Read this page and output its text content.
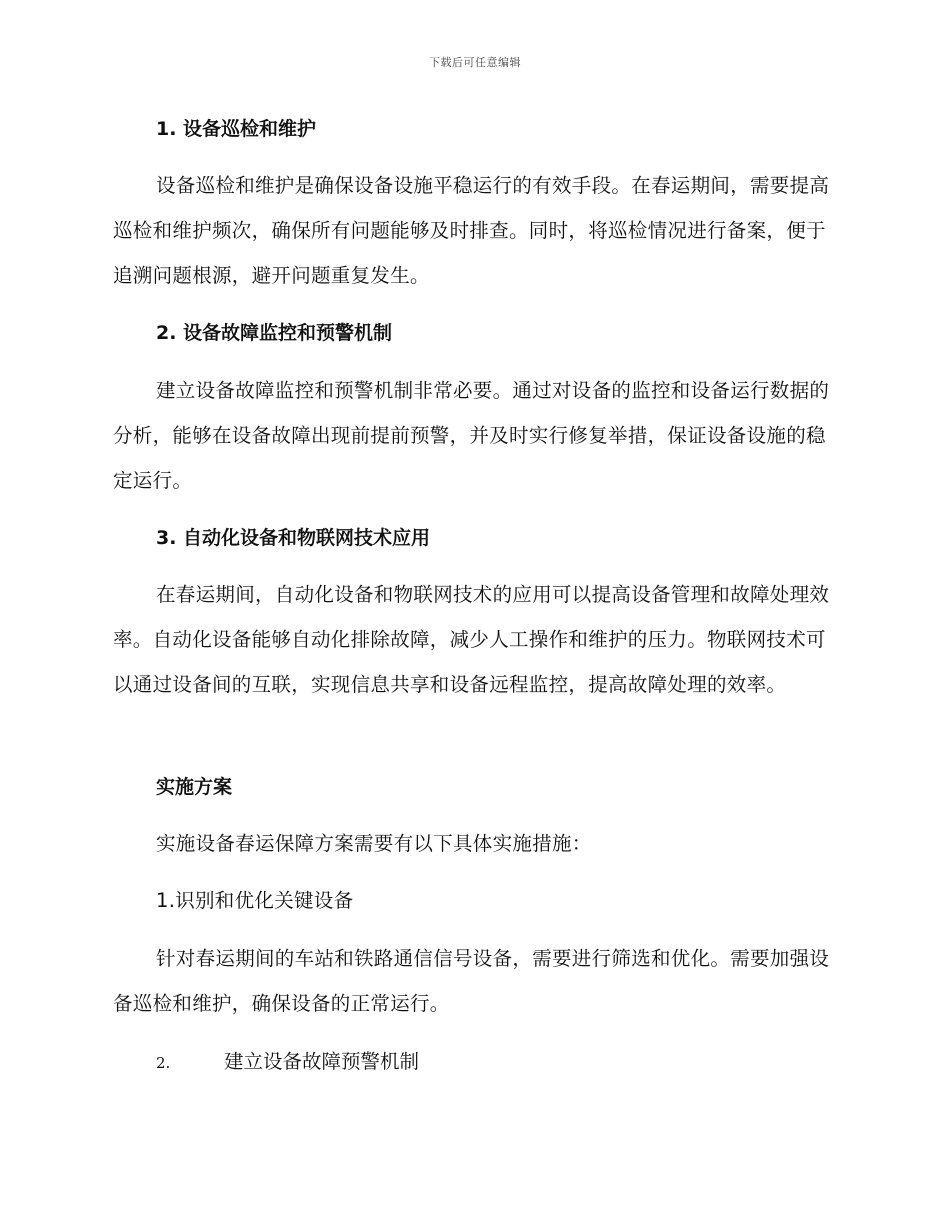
下载后可任意编辑
1. 设备巡检和维护

设备巡检和维护是确保设备设施平稳运行的有效手段。在春运期间，需要提高巡检和维护频次，确保所有问题能够及时排查。同时，将巡检情况进行备案，便于追溯问题根源，避开问题重复发生。

2. 设备故障监控和预警机制

建立设备故障监控和预警机制非常必要。通过对设备的监控和设备运行数据的分析，能够在设备故障出现前提前预警，并及时实行修复举措，保证设备设施的稳定运行。

3. 自动化设备和物联网技术应用

在春运期间，自动化设备和物联网技术的应用可以提高设备管理和故障处理效率。自动化设备能够自动化排除故障，减少人工操作和维护的压力。物联网技术可以通过设备间的互联，实现信息共享和设备远程监控，提高故障处理的效率。

实施方案

实施设备春运保障方案需要有以下具体实施措施：

1.识别和优化关键设备

针对春运期间的车站和铁路通信信号设备，需要进行筛选和优化。需要加强设备巡检和维护，确保设备的正常运行。

2.	建立设备故障预警机制
